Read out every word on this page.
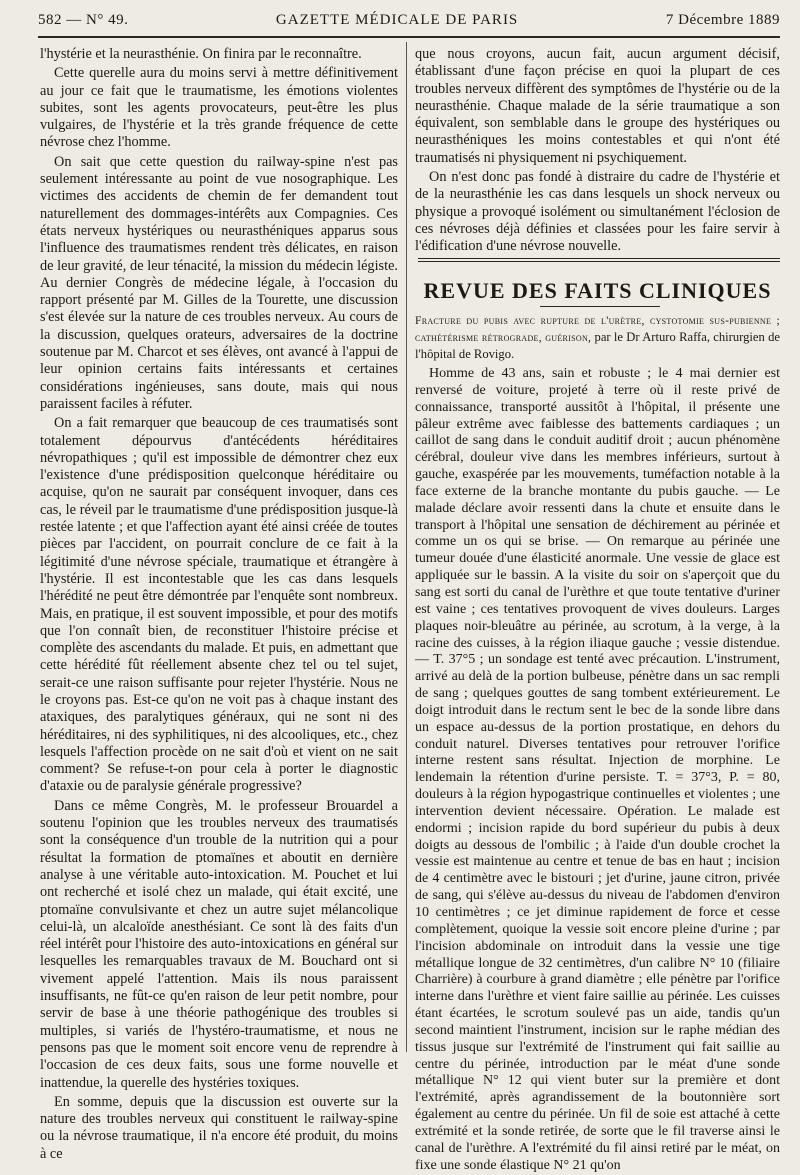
582 — N° 49.	GAZETTE MÉDICALE DE PARIS	7 Décembre 1889

l'hystérie et la neurasthénie. On finira par le reconnaître.

Cette querelle aura du moins servi à mettre définitivement au jour ce fait que le traumatisme, les émotions violentes subites, sont les agents provocateurs, peut-être les plus vulgaires, de l'hystérie et la très grande fréquence de cette névrose chez l'homme.

On sait que cette question du railway-spine n'est pas seulement intéressante au point de vue nosographique. Les victimes des accidents de chemin de fer demandent tout naturellement des dommages-intérêts aux Compagnies. Ces états nerveux hystériques ou neurasthéniques apparus sous l'influence des traumatismes rendent très délicates, en raison de leur gravité, de leur ténacité, la mission du médecin légiste. Au dernier Congrès de médecine légale, à l'occasion du rapport présenté par M. Gilles de la Tourette, une discussion s'est élevée sur la nature de ces troubles nerveux. Au cours de la discussion, quelques orateurs, adversaires de la doctrine soutenue par M. Charcot et ses élèves, ont avancé à l'appui de leur opinion certains faits intéressants et certaines considérations ingénieuses, sans doute, mais qui nous paraissent faciles à réfuter.

On a fait remarquer que beaucoup de ces traumatisés sont totalement dépourvus d'antécédents héréditaires névropathiques ; qu'il est impossible de démontrer chez eux l'existence d'une prédisposition quelconque héréditaire ou acquise, qu'on ne saurait par conséquent invoquer, dans ces cas, le réveil par le traumatisme d'une prédisposition jusque-là restée latente ; et que l'affection ayant été ainsi créée de toutes pièces par l'accident, on pourrait conclure de ce fait à la légitimité d'une névrose spéciale, traumatique et étrangère à l'hystérie. Il est incontestable que les cas dans lesquels l'hérédité ne peut être démontrée par l'enquête sont nombreux. Mais, en pratique, il est souvent impossible, et pour des motifs que l'on connaît bien, de reconstituer l'histoire précise et complète des ascendants du malade. Et puis, en admettant que cette hérédité fût réellement absente chez tel ou tel sujet, serait-ce une raison suffisante pour rejeter l'hystérie. Nous ne le croyons pas. Est-ce qu'on ne voit pas à chaque instant des ataxiques, des paralytiques généraux, qui ne sont ni des héréditaires, ni des syphilitiques, ni des alcooliques, etc., chez lesquels l'affection procède on ne sait d'où et vient on ne sait comment? Se refuse-t-on pour cela à porter le diagnostic d'ataxie ou de paralysie générale progressive?

Dans ce même Congrès, M. le professeur Brouardel a soutenu l'opinion que les troubles nerveux des traumatisés sont la conséquence d'un trouble de la nutrition qui a pour résultat la formation de ptomaïnes et aboutit en dernière analyse à une véritable auto-intoxication. M. Pouchet et lui ont recherché et isolé chez un malade, qui était excité, une ptomaïne convulsivante et chez un autre sujet mélancolique celui-là, un alcaloïde anesthésiant. Ce sont là des faits d'un réel intérêt pour l'histoire des auto-intoxications en général sur lesquelles les remarquables travaux de M. Bouchard ont si vivement appelé l'attention. Mais ils nous paraissent insuffisants, ne fût-ce qu'en raison de leur petit nombre, pour servir de base à une théorie pathogénique des troubles si multiples, si variés de l'hystéro-traumatisme, et nous ne pensons pas que le moment soit encore venu de reprendre à l'occasion de ces deux faits, sous une forme nouvelle et inattendue, la querelle des hystéries toxiques.

En somme, depuis que la discussion est ouverte sur la nature des troubles nerveux qui constituent le railway-spine ou la névrose traumatique, il n'a encore été produit, du moins à ce

que nous croyons, aucun fait, aucun argument décisif, établissant d'une façon précise en quoi la plupart de ces troubles nerveux diffèrent des symptômes de l'hystérie ou de la neurasthénie. Chaque malade de la série traumatique a son équivalent, son semblable dans le groupe des hystériques ou neurasthéniques les moins contestables et qui n'ont été traumatisés ni physiquement ni psychiquement.

On n'est donc pas fondé à distraire du cadre de l'hystérie et de la neurasthénie les cas dans lesquels un shock nerveux ou physique a provoqué isolément ou simultanément l'éclosion de ces névroses déjà définies et classées pour les faire servir à l'édification d'une névrose nouvelle.

REVUE DES FAITS CLINIQUES
Fracture du pubis avec rupture de l'urètre, cystotomie sus-pubienne ; cathétérisme rétrograde, guérison, par le Dr Arturo Raffa, chirurgien de l'hôpital de Rovigo.

Homme de 43 ans, sain et robuste ; le 4 mai dernier est renversé de voiture, projeté à terre où il reste privé de connaissance, transporté aussitôt à l'hôpital, il présente une pâleur extrême avec faiblesse des battements cardiaques ; un caillot de sang dans le conduit auditif droit ; aucun phénomène cérébral, douleur vive dans les membres inférieurs, surtout à gauche, exaspérée par les mouvements, tuméfaction notable à la face externe de la branche montante du pubis gauche. — Le malade déclare avoir ressenti dans la chute et ensuite dans le transport à l'hôpital une sensation de déchirement au périnée et comme un os qui se brise. — On remarque au périnée une tumeur douée d'une élasticité anormale. Une vessie de glace est appliquée sur le bassin. A la visite du soir on s'aperçoit que du sang est sorti du canal de l'urèthre et que toute tentative d'uriner est vaine ; ces tentatives provoquent de vives douleurs. Larges plaques noir-bleuâtre au périnée, au scrotum, à la verge, à la racine des cuisses, à la région iliaque gauche ; vessie distendue. — T. 37°5 ; un sondage est tenté avec précaution. L'instrument, arrivé au delà de la portion bulbeuse, pénètre dans un sac rempli de sang ; quelques gouttes de sang tombent extérieurement. Le doigt introduit dans le rectum sent le bec de la sonde libre dans un espace au-dessus de la portion prostatique, en dehors du conduit naturel. Diverses tentatives pour retrouver l'orifice interne restent sans résultat. Injection de morphine. Le lendemain la rétention d'urine persiste. T. = 37°3, P. = 80, douleurs à la région hypogastrique continuelles et violentes ; une intervention devient nécessaire. Opération. Le malade est endormi ; incision rapide du bord supérieur du pubis à deux doigts au dessous de l'ombilic ; à l'aide d'un double crochet la vessie est maintenue au centre et tenue de bas en haut ; incision de 4 centimètre avec le bistouri ; jet d'urine, jaune citron, privée de sang, qui s'élève au-dessus du niveau de l'abdomen d'environ 10 centimètres ; ce jet diminue rapidement de force et cesse complètement, quoique la vessie soit encore pleine d'urine ; par l'incision abdominale on introduit dans la vessie une tige métallique longue de 32 centimètres, d'un calibre N° 10 (filiaire Charrière) à courbure à grand diamètre ; elle pénètre par l'orifice interne dans l'urèthre et vient faire saillie au périnée. Les cuisses étant écartées, le scrotum soulevé pas un aide, tandis qu'un second maintient l'instrument, incision sur le raphe médian des tissus jusque sur l'extrémité de l'instrument qui fait saillie au centre du périnée, introduction par le méat d'une sonde métallique N° 12 qui vient buter sur la première et dont l'extrémité, après agrandissement de la boutonnière sort également au centre du périnée. Un fil de soie est attaché à cette extrémité et la sonde retirée, de sorte que le fil traverse ainsi le canal de l'urèthre. A l'extrémité du fil ainsi retiré par le méat, on fixe une sonde élastique N° 21 qu'on
